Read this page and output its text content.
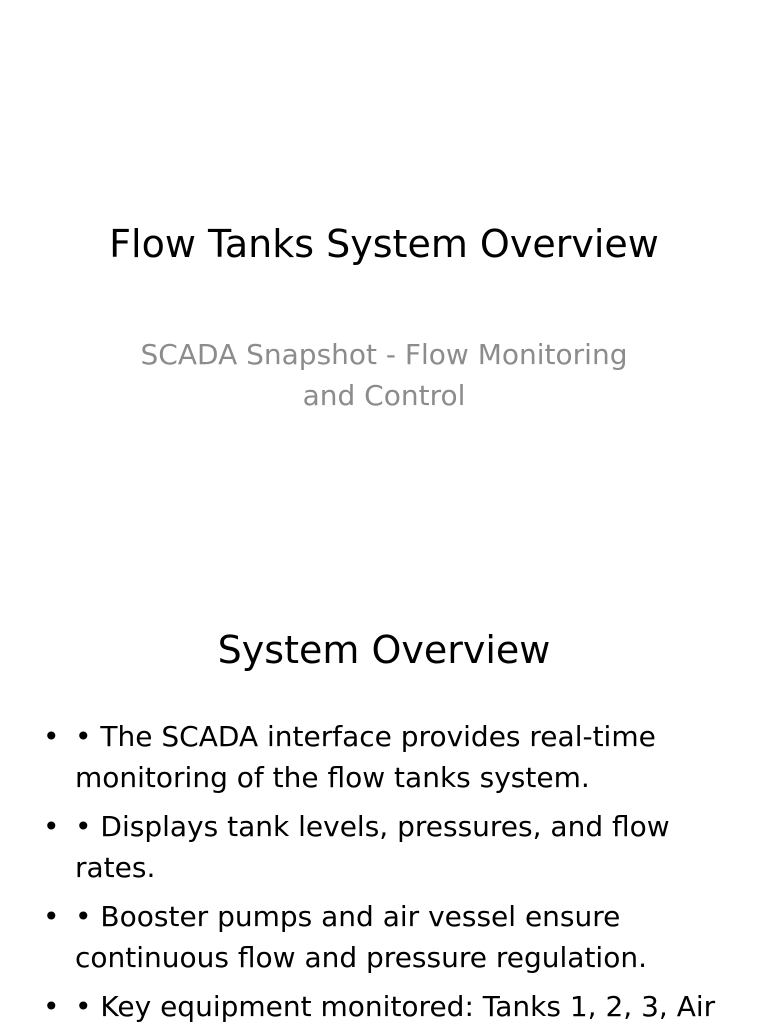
Flow Tanks System Overview

SCADA Snapshot - Flow Monitoring and Control

System Overview
• • The SCADA interface provides real-time monitoring of the flow tanks system.
• • Displays tank levels, pressures, and flow rates.
• • Booster pumps and air vessel ensure continuous flow and pressure regulation.
• • Key equipment monitored: Tanks 1, 2, 3, Air
